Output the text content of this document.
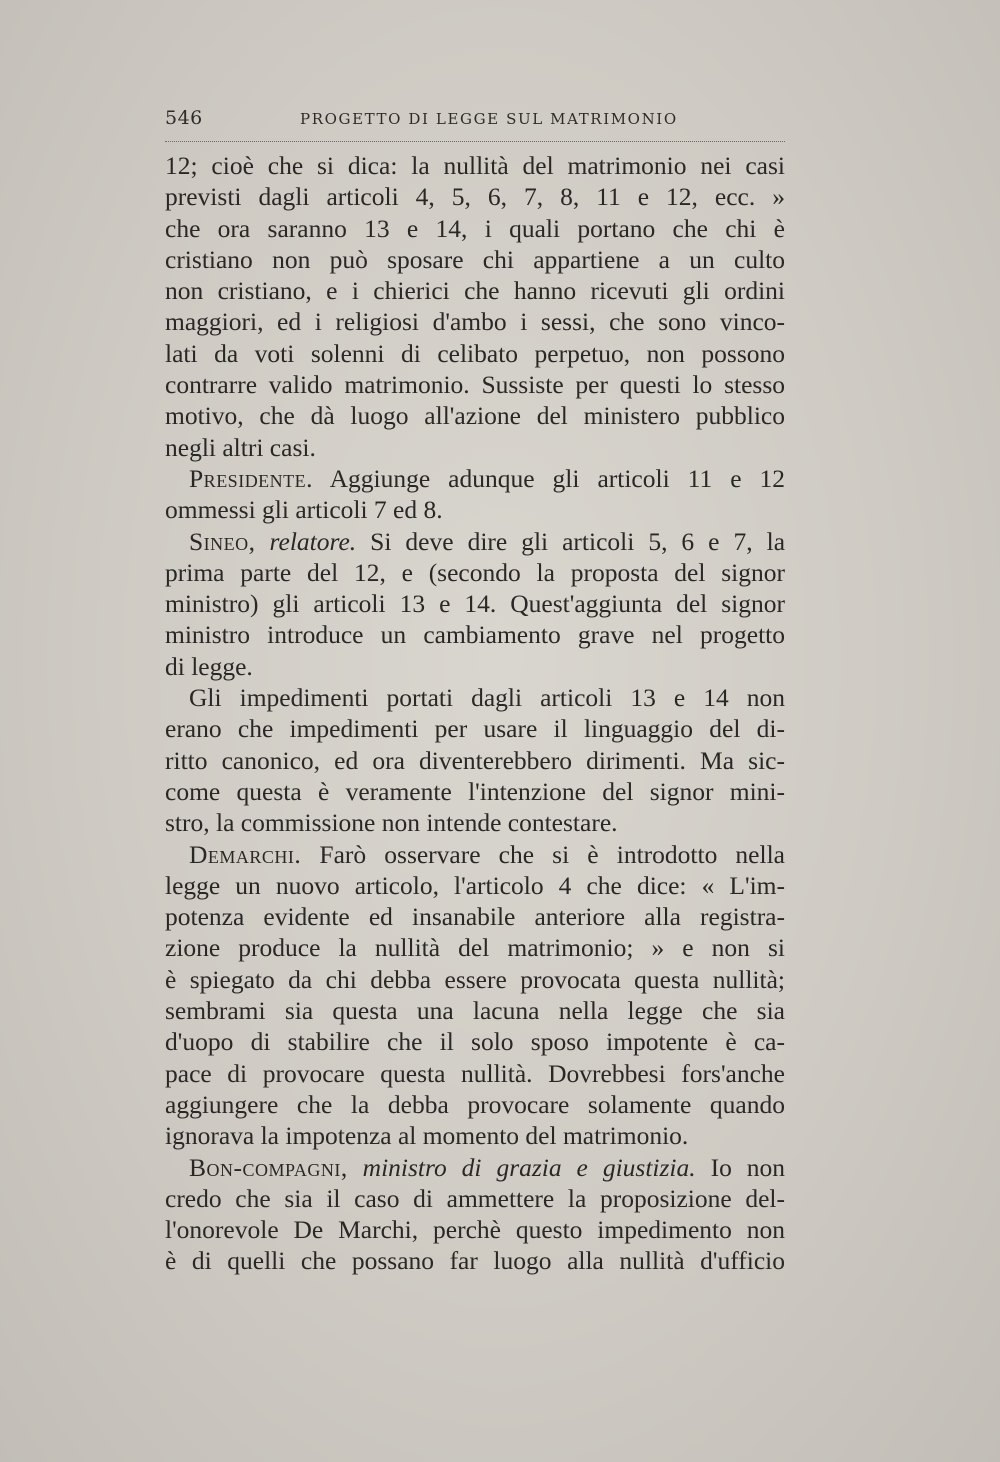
546	PROGETTO DI LEGGE SUL MATRIMONIO
12; cioè che si dica: la nullità del matrimonio nei casi
previsti dagli articoli 4, 5, 6, 7, 8, 11 e 12, ecc. »
che ora saranno 13 e 14, i quali portano che chi è
cristiano non può sposare chi appartiene a un culto
non cristiano, e i chierici che hanno ricevuti gli ordini
maggiori, ed i religiosi d'ambo i sessi, che sono vinco-
lati da voti solenni di celibato perpetuo, non possono
contrarre valido matrimonio. Sussiste per questi lo stesso
motivo, che dà luogo all'azione del ministero pubblico
negli altri casi.
Presidente. Aggiunge adunque gli articoli 11 e 12
ommessi gli articoli 7 ed 8.
Sineo, relatore. Si deve dire gli articoli 5, 6 e 7, la
prima parte del 12, e (secondo la proposta del signor
ministro) gli articoli 13 e 14. Quest'aggiunta del signor
ministro introduce un cambiamento grave nel progetto
di legge.
Gli impedimenti portati dagli articoli 13 e 14 non
erano che impedimenti per usare il linguaggio del di-
ritto canonico, ed ora diventerebbero dirimenti. Ma sic-
come questa è veramente l'intenzione del signor mini-
stro, la commissione non intende contestare.
Demarchi. Farò osservare che si è introdotto nella
legge un nuovo articolo, l'articolo 4 che dice: « L'im-
potenza evidente ed insanabile anteriore alla registra-
zione produce la nullità del matrimonio; » e non si
è spiegato da chi debba essere provocata questa nullità;
sembrami sia questa una lacuna nella legge che sia
d'uopo di stabilire che il solo sposo impotente è ca-
pace di provocare questa nullità. Dovrebbesi fors'anche
aggiungere che la debba provocare solamente quando
ignorava la impotenza al momento del matrimonio.
Bon-compagni, ministro di grazia e giustizia. Io non
credo che sia il caso di ammettere la proposizione del-
l'onorevole De Marchi, perchè questo impedimento non
è di quelli che possano far luogo alla nullità d'ufficio
